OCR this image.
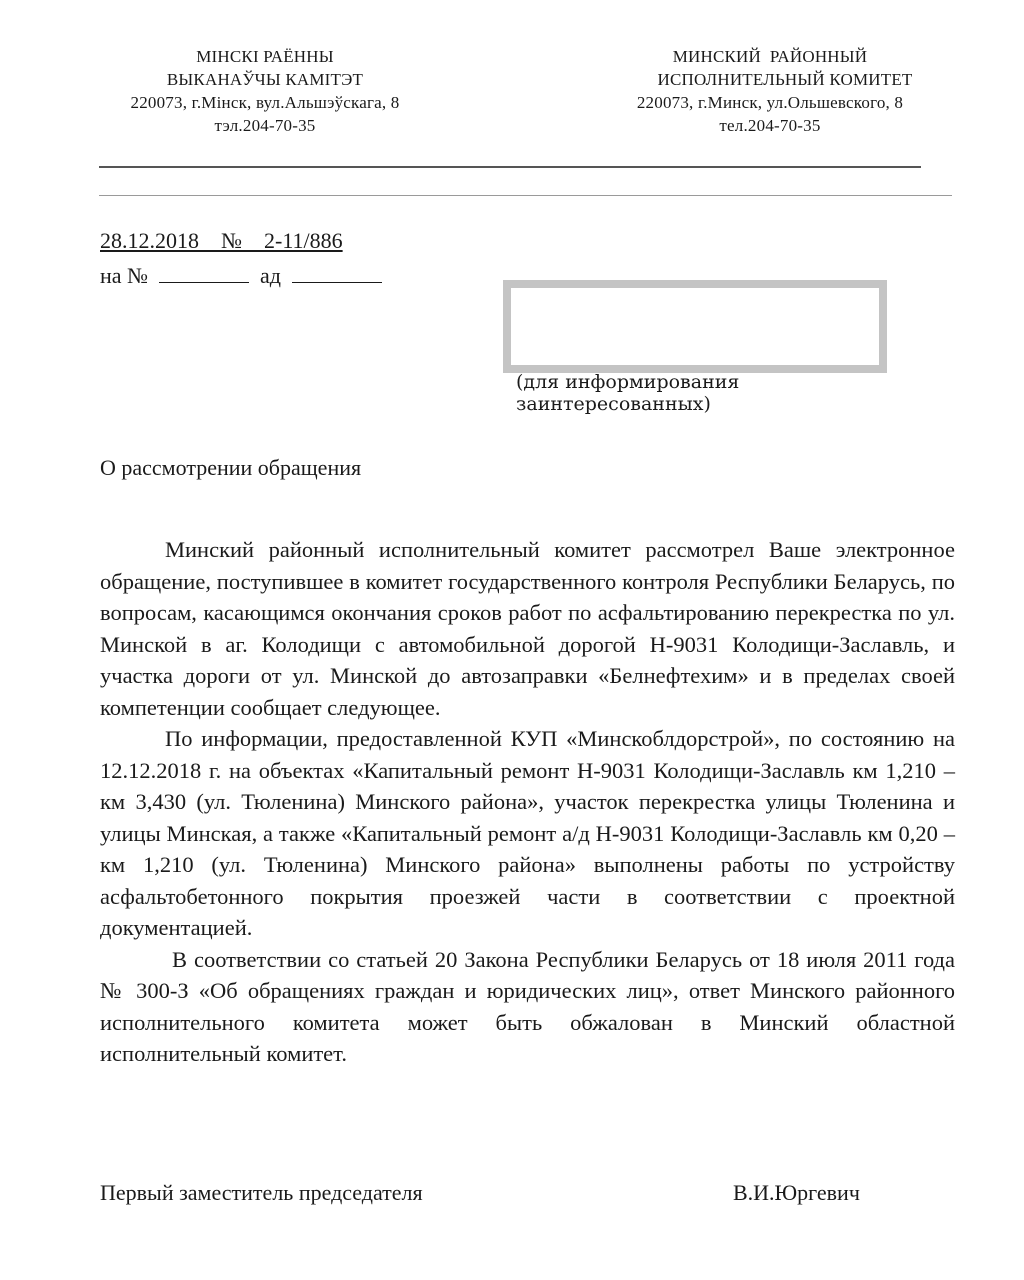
МІНСКІ РАЁННЫ
ВЫКАНАЎЧЫ КАМІТЭТ
220073, г.Мінск, вул.Альшэўскага, 8
тэл.204-70-35
МИНСКИЙ  РАЙОННЫЙ
ИСПОЛНИТЕЛЬНЫЙ КОМИТЕТ
220073, г.Минск, ул.Ольшевского, 8
тел.204-70-35
28.12.2018 № 2-11/886
на №	ад
(для информирования
заинтересованных)
О рассмотрении обращения

Минский районный исполнительный комитет рассмотрел Ваше электронное обращение, поступившее в комитет государственного контроля Республики Беларусь, по вопросам, касающимся окончания сроков работ по асфальтированию перекрестка по ул. Минской в аг. Колодищи с автомобильной дорогой Н-9031 Колодищи-Заславль, и участка дороги от ул. Минской до автозаправки «Белнефтехим» и в пределах своей компетенции сообщает следующее.

По информации, предоставленной КУП «Минскоблдорстрой», по состоянию на 12.12.2018 г. на объектах «Капитальный ремонт Н-9031 Колодищи-Заславль км 1,210 – км 3,430 (ул. Тюленина) Минского района», участок перекрестка улицы Тюленина и улицы Минская, а также «Капитальный ремонт а/д Н-9031 Колодищи-Заславль км 0,20 – км 1,210 (ул. Тюленина) Минского района» выполнены работы по устройству асфальтобетонного покрытия проезжей части в соответствии с проектной документацией.

В соответствии со статьей 20 Закона Республики Беларусь от 18 июля 2011 года № 300-З «Об обращениях граждан и юридических лиц», ответ Минского районного исполнительного комитета может быть обжалован в Минский областной исполнительный комитет.

Первый заместитель председателя	В.И.Юргевич
